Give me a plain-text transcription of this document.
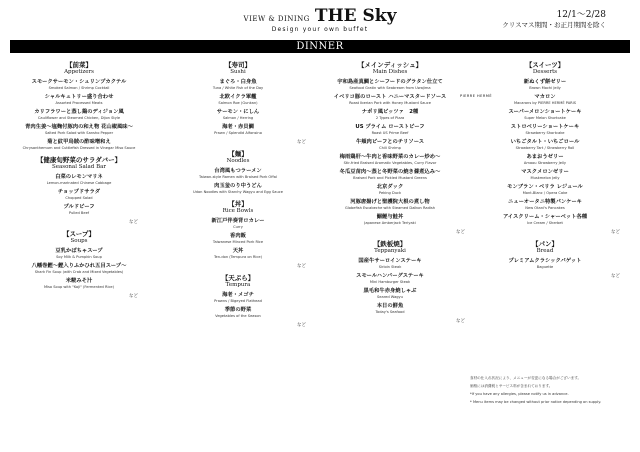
VIEW & DINING THE Sky
Design your own buffet
12/1～2/28
クリスマス期間・お正月期間を除く
DINNER
【前菜】
Appetizers
スモークサーモン・シュリンプカクテル
Smoked Salmon / Shrimp Cocktail
シャルキュトリー盛り合わせ
Assorted Processed Meats
カリフラワーと蒸し鶏のディジョン風
Cauliflower and Steamed Chicken, Dijon Style
青肉生姜～塩麹付豚肉の和え物 花山椒風味～
Salted Pork Salad with Sansho Pepper
菊と紋甲烏賊の酢味噌和え
Chrysanthemum and Cuttlefish Dressed in Vinegar Miso Sauce
【健康旬野菜のサラダバー】
Seasonal Salad Bar
白菜のレモンマリネ
Lemon-marinated Chinese Cabbage
チョップドサラダ
Chopped Salad
プルドビーフ
Pulled Beef
など
【スープ】
Soups
豆乳かぼちゃスープ
Soy Milk & Pumpkin Soup
八幡巻鰹～鰹入りふかひれ五目スープ～
Shark Fin Soup (with Crab and Mixed Vegetables)
米糀みそ汁
Miso Soup with "Koji" (Fermented Rice)
など
【寿司】
Sushi
まぐろ・白身魚
Tuna / White Fish of the Day
北欧イクラ軍艦
Salmon Roe (Gunkan)
サーモン・にしん
Salmon / Herring
海老・赤貝鯛
Prawn / Splendid Alfonsino
など
【麺】
Noodles
台湾風もつラーメン
Taiwan-style Ramen with Braised Pork Offal
肉玉釜のり中うどん
Udon Noodles with Starchy Wagyu and Egg Sauce
【丼】
Rice Bowls
新江戸伴奏背ロカレー
Curry
香肉飯
Taiwanese Minced Pork Rice
天丼
Ten-don (Tempura on Rice)
など
【天ぷら】
Tempura
海老・メゴチ
Prawns / Bigeyed Flathead
季節の野菜
Vegetables of the Season
など
【メインディッシュ】
Main Dishes
宇和島産真鯛とシーフードのグラタン仕立て
Seafood Gratin with Seabream from Uwajima
イベリコ豚のロースト ハニーマスタードソース
Roast Iberian Pork with Honey Mustard Sauce
ナポリ風ピッツァ　2種
2 Types of Pizza
US プライム ローストビーフ
Roast US Prime Beef
牛頬肉ビーフとのチリソース
Chili Shrimp
梅雨鶏肝～牛肉と香味野菜のカレー炒め～
Stir-fried Braised Aromatic Vegetables, Curry Flavor
冬瓜豆苗肉～蒸と冬野菜の焼き醤煮込み～
Braised Pork and Pickled Mustard Greens
北京ダック
Peking Duck
河豚唐揚げと聖護院大根の煮し物
Globefish Escabeche with Steamed Daikon Radish
鰯鯉与鮭丼
Japanese Amberjack Teriyaki
など
【鉄板焼】
Teppanyaki
国産牛サーロインステーキ
Sirloin Steak
スモールハンバーグステーキ
Mini Hamburger Steak
黒毛和牛赤身焼しゃぶ
Seared Wagyu
本日の鮮魚
Today's Seafood
など
【スイーツ】
Desserts
新ぬくず餅ゼリー
Brown Mochi Jelly
PIERRE HERMÉ	マカロン
Macarons by PIERRE HERMÉ PARIS
スーパーメロンショートケーキ
Super Melon Shortcake
ストロベリーショートケーキ
Strawberry Shortcake
いちごタルト・いちごロール
Strawberry Tart / Strawberry Roll
あまおうゼリー
Amaou Strawberry Jelly
マスクメロンゼリー
Muskmelon Jelly
モンブラン・ベリラ レジュール
Mont-Blanc / Opera Cake
ニューオータニ特製パンケーキ
New Otani's Pancakes
アイスクリーム・シャーベット各種
Ice Cream / Sherbet
など
【パン】
Bread
プレミアムクラシックバゲット
Baguette
など
食材の仕入れ状況により、メニューが変更になる場合がございます。
価格には消費税とサービス料が含まれております。
*If you have any allergies, please notify us in advance.
* Menu items may be changed without prior notice depending on supply.
